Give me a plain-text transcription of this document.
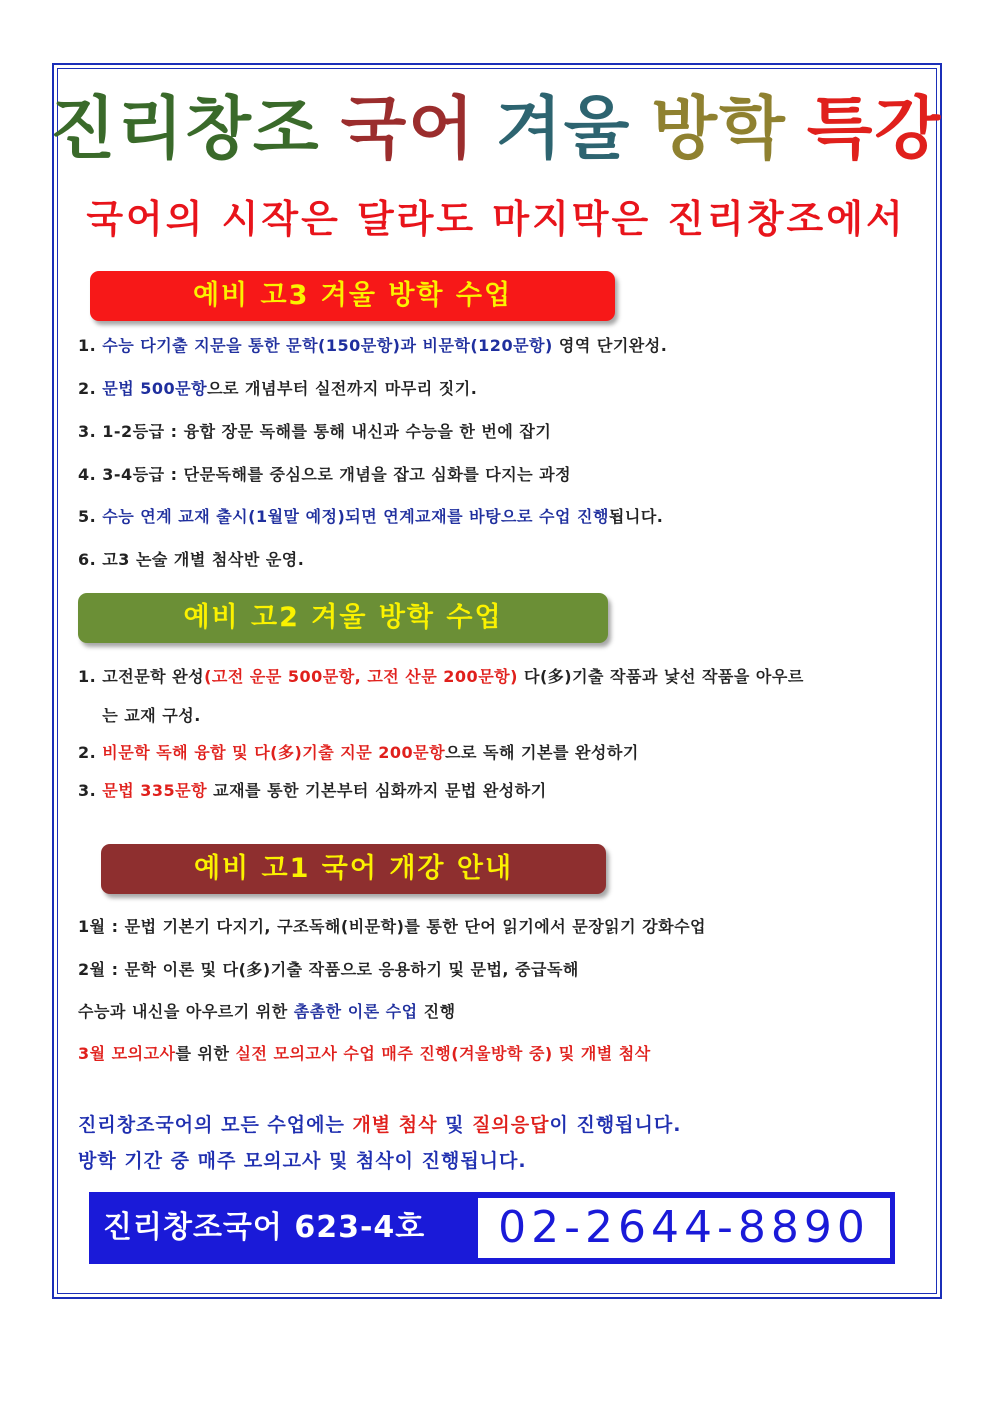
진리창조 국어 겨울 방학 특강
국어의 시작은 달라도 마지막은 진리창조에서
예비 고3 겨울 방학 수업
1. 수능 다기출 지문을 통한 문학(150문항)과 비문학(120문항) 영역 단기완성.
2. 문법 500문항으로 개념부터 실전까지 마무리 짓기.
3. 1-2등급 : 융합 장문 독해를 통해 내신과 수능을 한 번에 잡기
4. 3-4등급 : 단문독해를 중심으로 개념을 잡고 심화를 다지는 과정
5. 수능 연계 교재 출시(1월말 예정)되면 연계교재를 바탕으로 수업 진행됩니다.
6. 고3 논술 개별 첨삭반 운영.
예비 고2 겨울 방학 수업
1. 고전문학 완성(고전 운문 500문항, 고전 산문 200문항) 다(多)기출 작품과 낯선 작품을 아우르
는 교재 구성.
2. 비문학 독해 융합 및 다(多)기출 지문 200문항으로 독해 기본를 완성하기
3. 문법 335문항 교재를 통한 기본부터 심화까지 문법 완성하기
예비 고1 국어 개강 안내
1월 : 문법 기본기 다지기, 구조독해(비문학)를 통한 단어 읽기에서 문장읽기 강화수업
2월 : 문학 이론 및 다(多)기출 작품으로 응용하기 및 문법, 중급독해
수능과 내신을 아우르기 위한 촘촘한 이론 수업 진행
3월 모의고사를 위한 실전 모의고사 수업 매주 진행(겨울방학 중) 및 개별 첨삭
진리창조국어의 모든 수업에는 개별 첨삭 및 질의응답이 진행됩니다.
방학 기간 중 매주 모의고사 및 첨삭이 진행됩니다.
진리창조국어 623-4호	02-2644-8890
